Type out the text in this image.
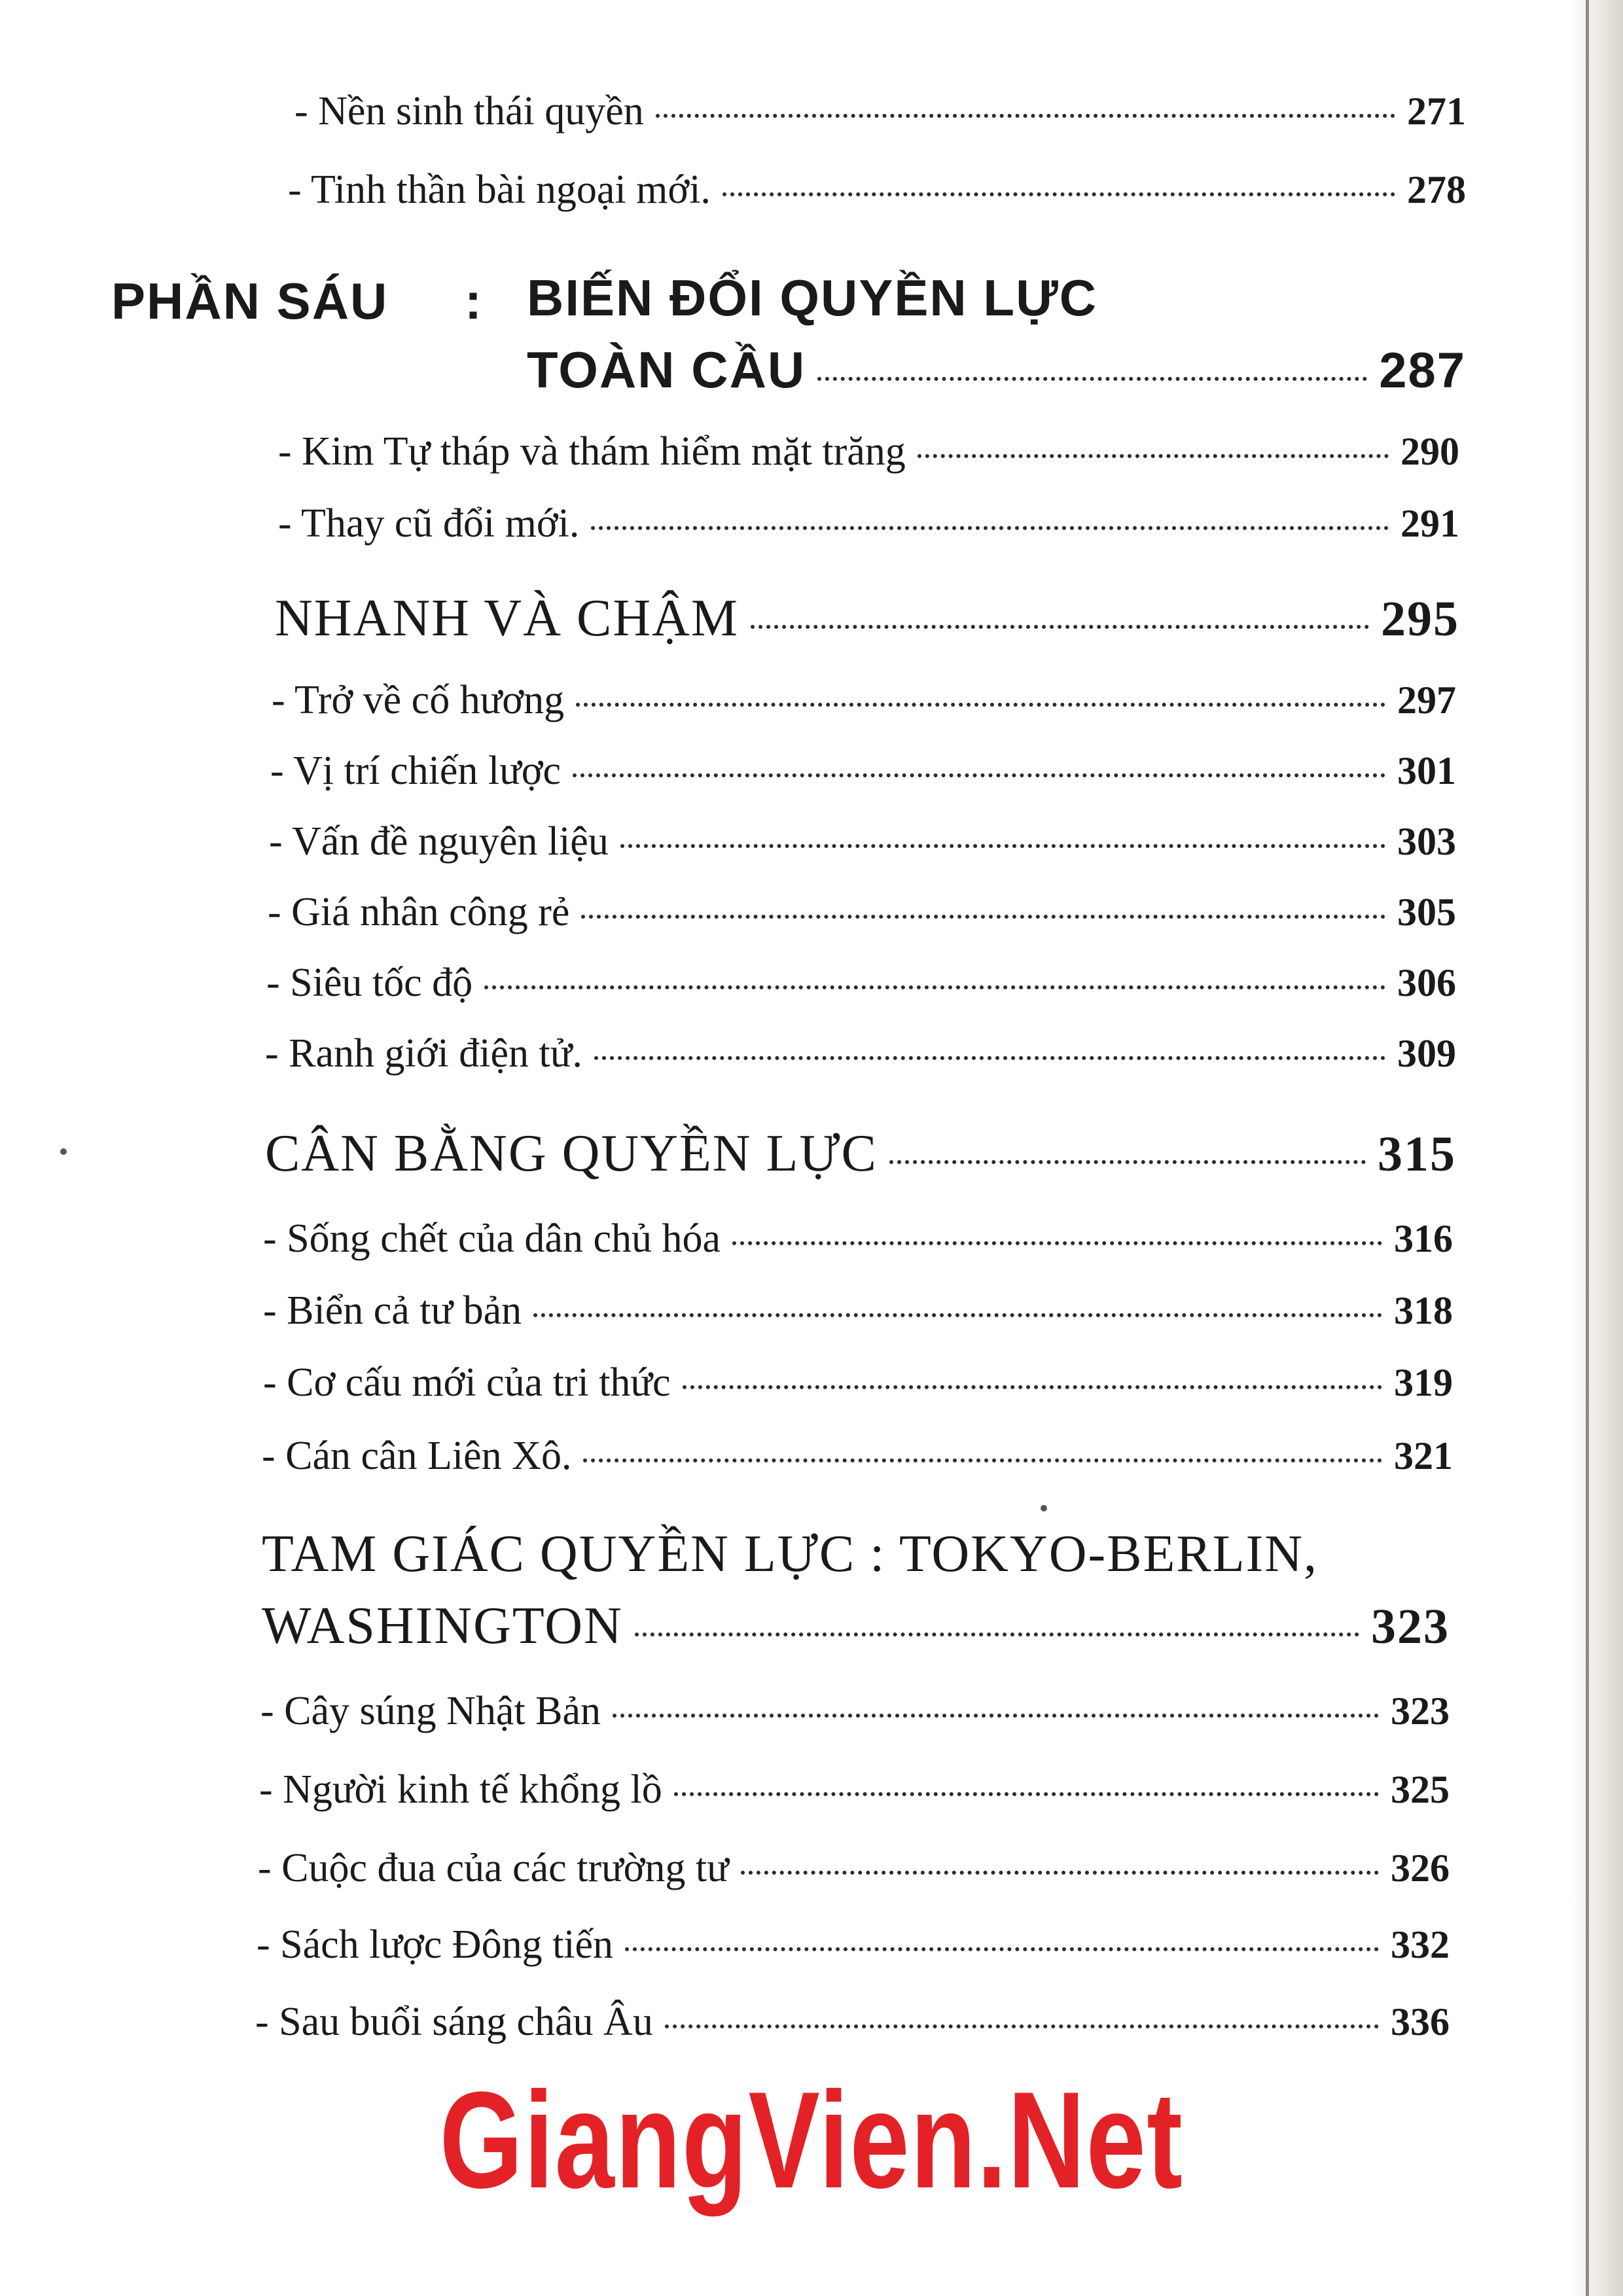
- Nền sinh thái quyền	271
- Tinh thần bài ngoại mới.	278
PHẦN SÁU : BIẾN ĐỔI QUYỀN LỰC
TOÀN CẦU	287
- Kim Tự tháp và thám hiểm mặt trăng	290
- Thay cũ đổi mới.	291
NHANH VÀ CHẬM	295
- Trở về cố hương	297
- Vị trí chiến lược	301
- Vấn đề nguyên liệu	303
- Giá nhân công rẻ	305
- Siêu tốc độ	306
- Ranh giới điện tử.	309
CÂN BẰNG QUYỀN LỰC	315
- Sống chết của dân chủ hóa	316
- Biển cả tư bản	318
- Cơ cấu mới của tri thức	319
- Cán cân Liên Xô.	321
TAM GIÁC QUYỀN LỰC : TOKYO-BERLIN,
WASHINGTON	323
- Cây súng Nhật Bản	323
- Người kinh tế khổng lồ	325
- Cuộc đua của các trường tư	326
- Sách lược Đông tiến	332
- Sau buổi sáng châu Âu	336
GiangVien.Net
